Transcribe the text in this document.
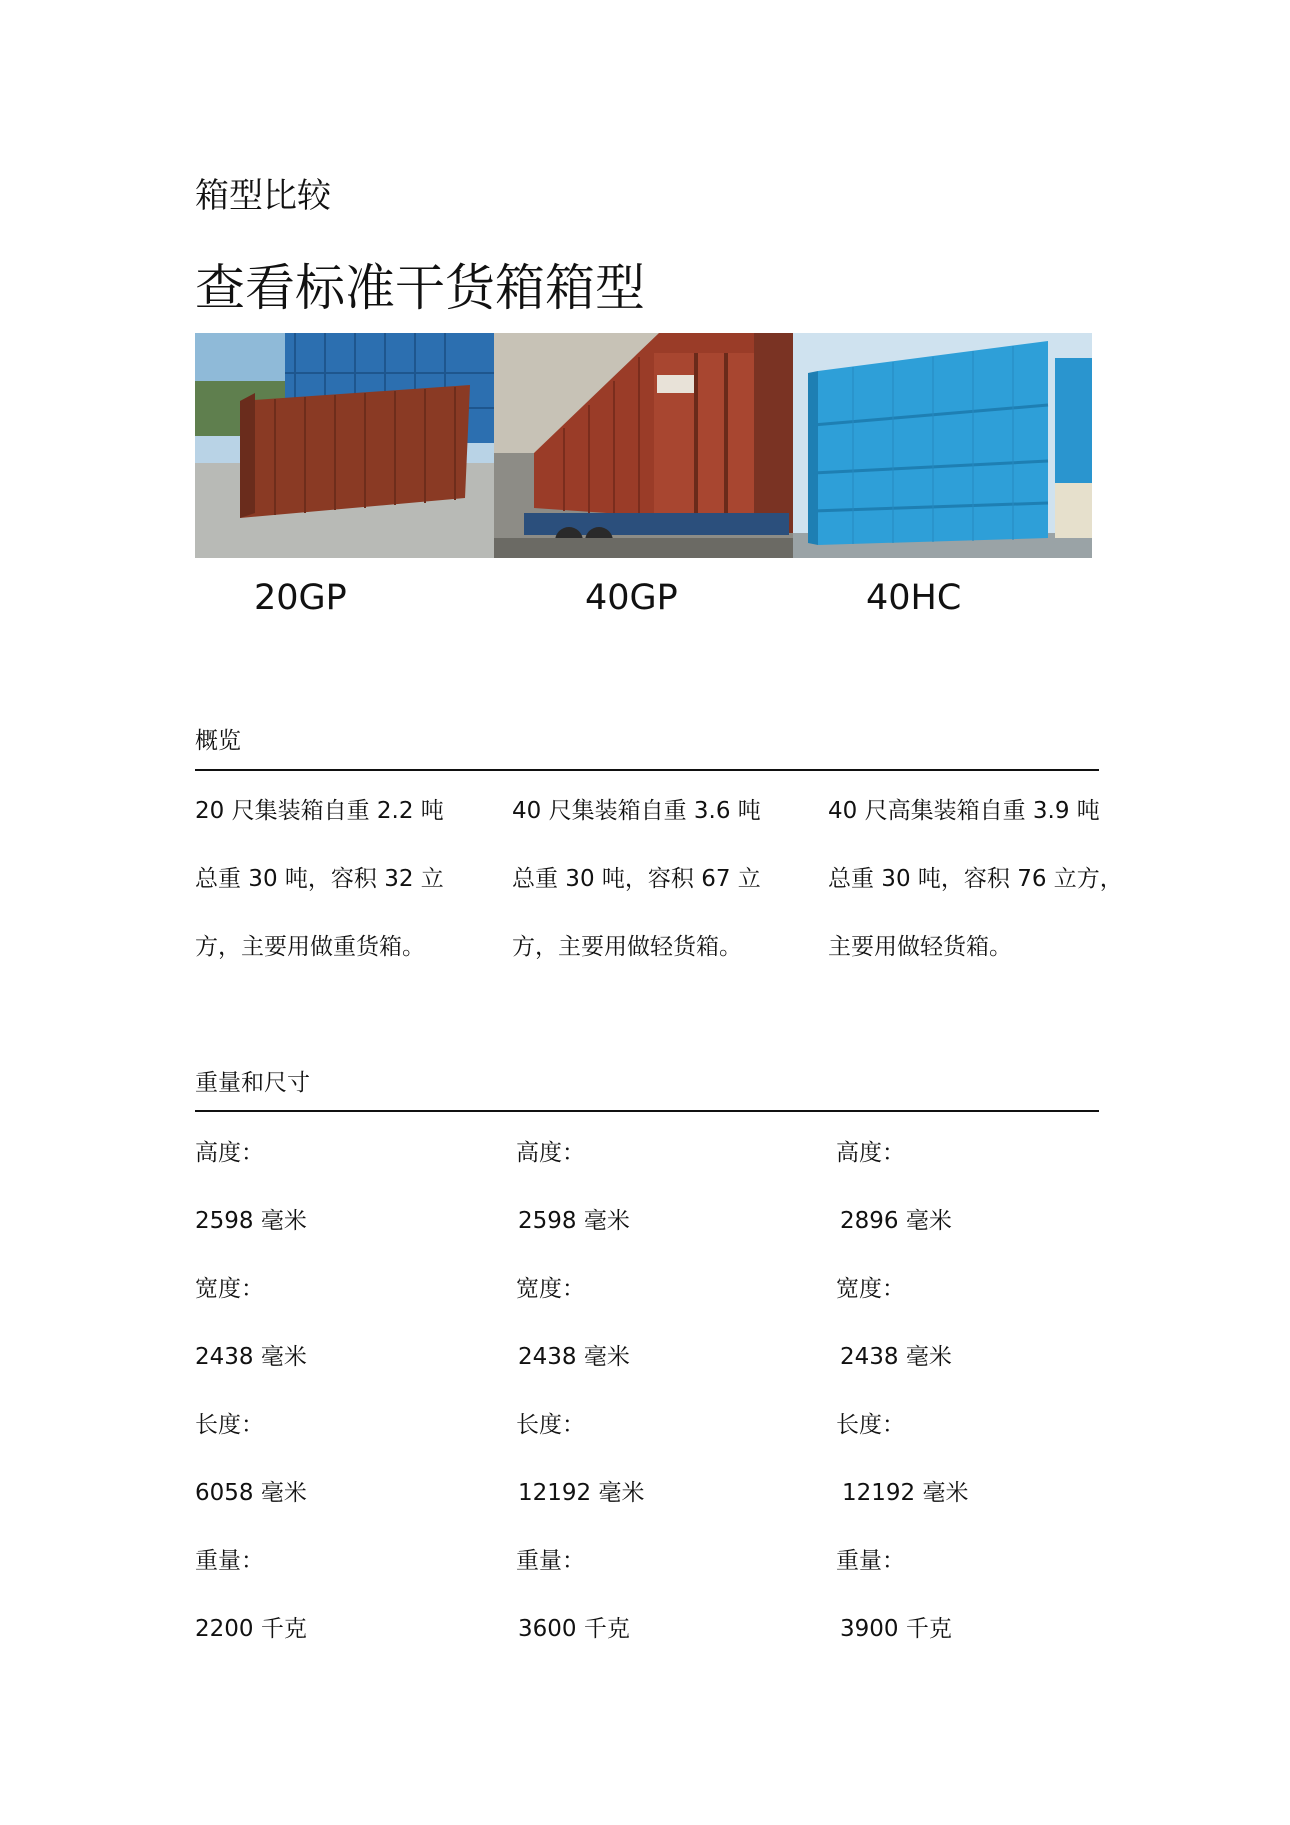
箱型比较
查看标准干货箱箱型
20GP	40GP	40HC
概览
20 尺集装箱自重 2.2 吨
总重 30 吨，容积 32 立
方，主要用做重货箱。
40 尺集装箱自重 3.6 吨
总重 30 吨，容积 67 立
方，主要用做轻货箱。
40 尺高集装箱自重 3.9 吨
总重 30 吨，容积 76 立方，
主要用做轻货箱。
重量和尺寸
高度：
2598 毫米
宽度：
2438 毫米
长度：
6058 毫米
重量：
2200 千克
高度：
2598 毫米
宽度：
2438 毫米
长度：
12192 毫米
重量：
3600 千克
高度：
2896 毫米
宽度：
2438 毫米
长度：
12192 毫米
重量：
3900 千克
